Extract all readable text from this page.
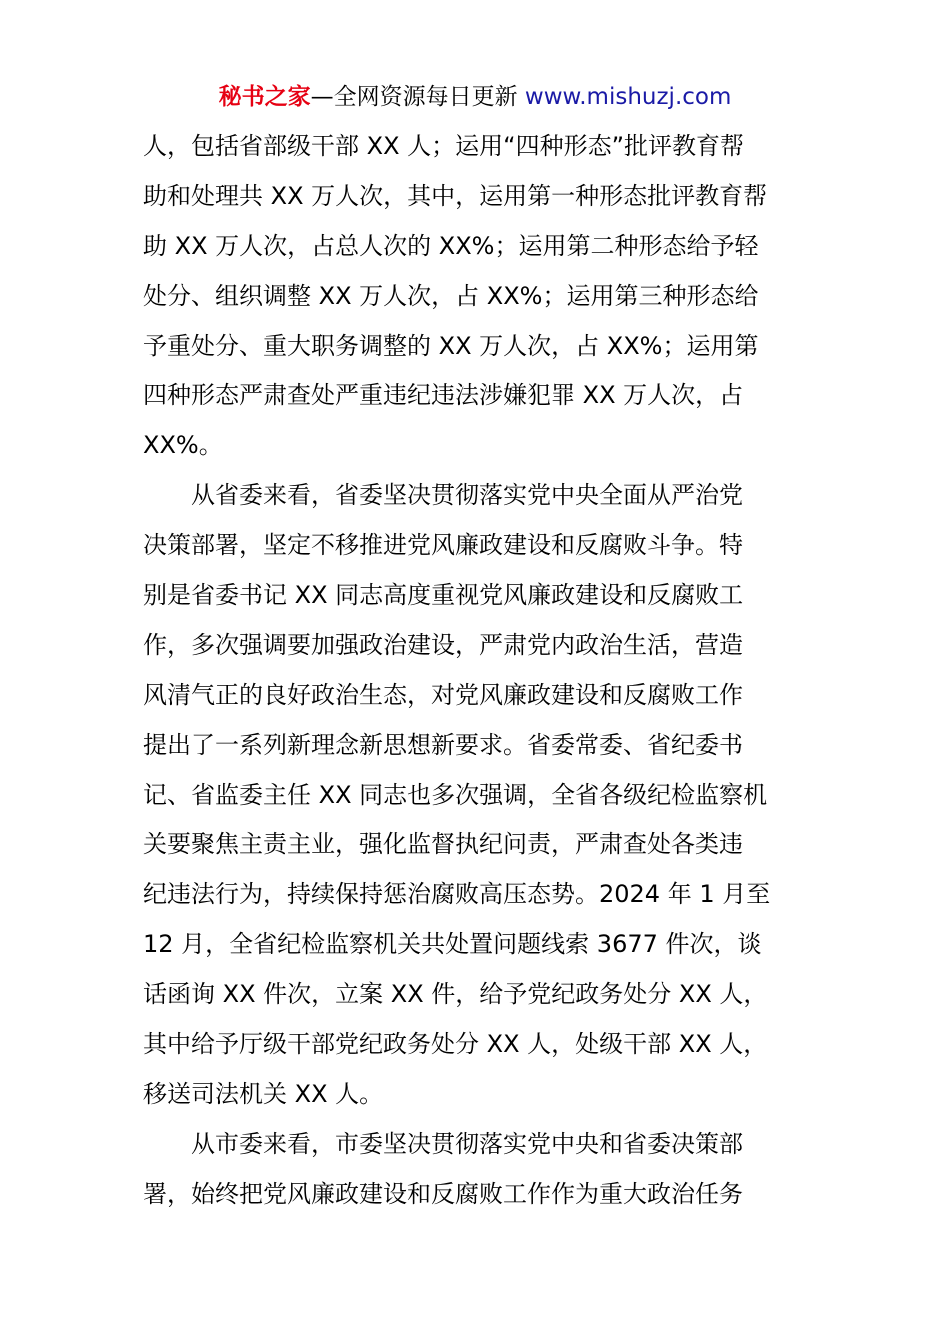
秘书之家—全网资源每日更新 www.mishuzj.com
人，包括省部级干部 XX 人；运用“四种形态”批评教育帮
助和处理共 XX 万人次，其中，运用第一种形态批评教育帮
助 XX 万人次，占总人次的 XX%；运用第二种形态给予轻
处分、组织调整 XX 万人次，占 XX%；运用第三种形态给
予重处分、重大职务调整的 XX 万人次，占 XX%；运用第
四种形态严肃查处严重违纪违法涉嫌犯罪 XX 万人次，占
XX%。
从省委来看，省委坚决贯彻落实党中央全面从严治党
决策部署，坚定不移推进党风廉政建设和反腐败斗争。特
别是省委书记 XX 同志高度重视党风廉政建设和反腐败工
作，多次强调要加强政治建设，严肃党内政治生活，营造
风清气正的良好政治生态，对党风廉政建设和反腐败工作
提出了一系列新理念新思想新要求。省委常委、省纪委书
记、省监委主任 XX 同志也多次强调，全省各级纪检监察机
关要聚焦主责主业，强化监督执纪问责，严肃查处各类违
纪违法行为，持续保持惩治腐败高压态势。2024 年 1 月至
12 月，全省纪检监察机关共处置问题线索 3677 件次，谈
话函询 XX 件次，立案 XX 件，给予党纪政务处分 XX 人，
其中给予厅级干部党纪政务处分 XX 人，处级干部 XX 人，
移送司法机关 XX 人。
从市委来看，市委坚决贯彻落实党中央和省委决策部
署，始终把党风廉政建设和反腐败工作作为重大政治任务
